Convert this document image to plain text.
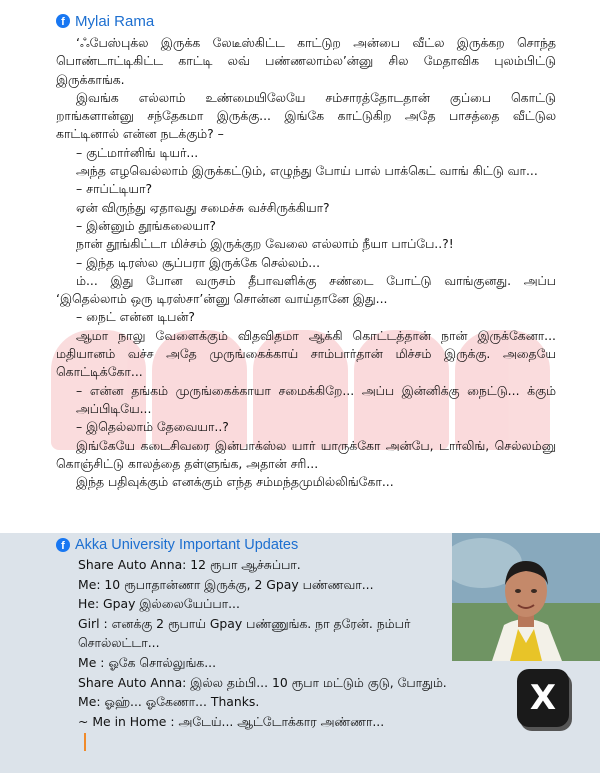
f Mylai Rama

‘ஃபேஸ்புக்ல இருக்க லேடீஸ்கிட்ட காட்டுற அன்பை வீட்ல இருக்கற சொந்த பொண்டாட்டிகிட்ட காட்டி லவ் பண்ணலாம்ல’ன்னு சில மேதாவிக புலம்பிட்டு இருக்காங்க.

இவங்க எல்லாம் உண்மையிலேயே சம்சாரத்தோடதான் குப்பை கொட்டு றாங்களான்னு சந்தேகமா இருக்கு... இங்கே காட்டுகிற அதே பாசத்தை வீட்டுல காட்டினால் என்ன நடக்கும்? –

– குட்மார்னிங் டியர்...

அந்த எழவெல்லாம் இருக்கட்டும், எழுந்து போய் பால் பாக்கெட் வாங் கிட்டு வா...

– சாப்ட்டியா?

ஏன் விருந்து ஏதாவது சமைச்சு வச்சிருக்கியா?

– இன்னும் தூங்கலையா?

நான் தூங்கிட்டா மிச்சம் இருக்குற வேலை எல்லாம் நீயா பாப்பே..?!

– இந்த டிரஸ்ல சூப்பரா இருக்கே செல்லம்...

ம்... இது போன வருசம் தீபாவளிக்கு சண்டை போட்டு வாங்குனது. அப்ப ‘இதெல்லாம் ஒரு டிரஸ்சா’ன்னு சொன்ன வாய்தானே இது...

– நைட் என்ன டிபன்?

ஆமா நாலு வேளைக்கும் விதவிதமா ஆக்கி கொட்டத்தான் நான் இருக்கேனா... மதியானம் வச்ச அதே முருங்கைக்காய் சாம்பார்தான் மிச்சம் இருக்கு. அதையே கொட்டிக்கோ...

– என்ன தங்கம் முருங்கைக்காயா சமைக்கிறே... அப்ப இன்னிக்கு நைட்டு... க்கும் அப்பிடியே...

– இதெல்லாம் தேவையா..?

இங்கேயே கடைசிவரை இன்பாக்ஸ்ல யார் யாருக்கோ அன்பே, டார்லிங், செல்லம்னு கொஞ்சிட்டு காலத்தை தள்ளுங்க, அதான் சரி...

இந்த பதிவுக்கும் எனக்கும் எந்த சம்மந்தமுமில்லிங்கோ...

f Akka University Important Updates

Share Auto Anna: 12 ரூபா ஆச்சுப்பா.

Me: 10 ரூபாதான்ணா இருக்கு, 2 Gpay பண்ணவா...

He: Gpay இல்லையேப்பா...

Girl : எனக்கு 2 ரூபாய் Gpay பண்ணுங்க. நா தரேன். நம்பர் சொல்லட்டா...

Me : ஓகே சொல்லுங்க...

Share Auto Anna: இல்ல தம்பி... 10 ரூபா மட்டும் குடு, போதும்.

Me: ஓஹ்... ஓகேணா... Thanks.

~ Me in Home : அடேய்... ஆட்டோக்கார அண்ணா...

X
